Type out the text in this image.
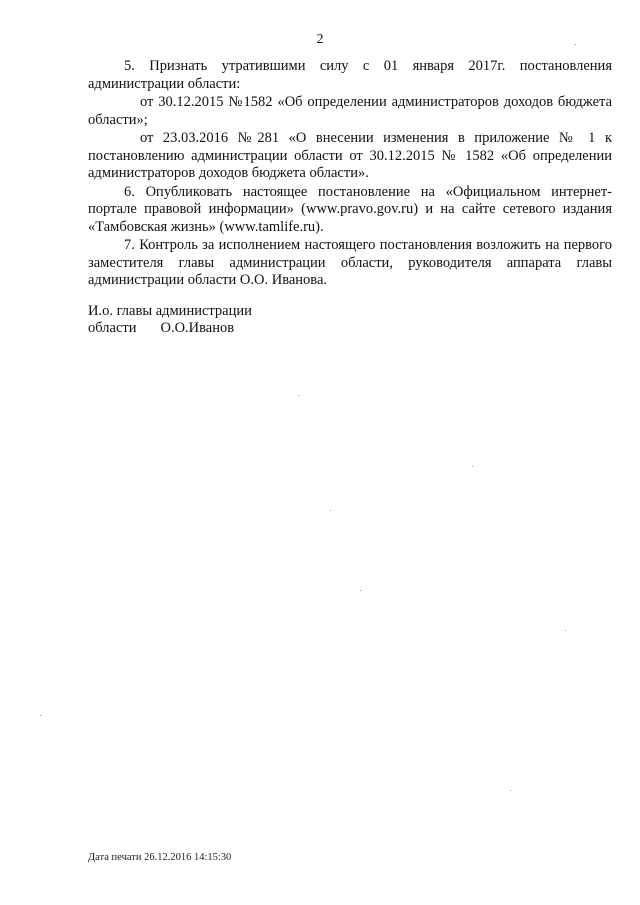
2

5. Признать утратившими силу с 01 января 2017г. постановления администрации области:

от 30.12.2015 №1582 «Об определении администраторов доходов бюджета области»;

от 23.03.2016 №281 «О внесении изменения в приложение № 1 к постановлению администрации области от 30.12.2015 № 1582 «Об определении администраторов доходов бюджета области».

6. Опубликовать настоящее постановление на «Официальном интернет-портале правовой информации» (www.pravo.gov.ru) и на сайте сетевого издания «Тамбовская жизнь» (www.tamlife.ru).

7. Контроль за исполнением настоящего постановления возложить на первого заместителя главы администрации области, руководителя аппарата главы администрации области О.О. Иванова.

И.о. главы администрации
области О.О.Иванов
Дата печати 26.12.2016 14:15:30
